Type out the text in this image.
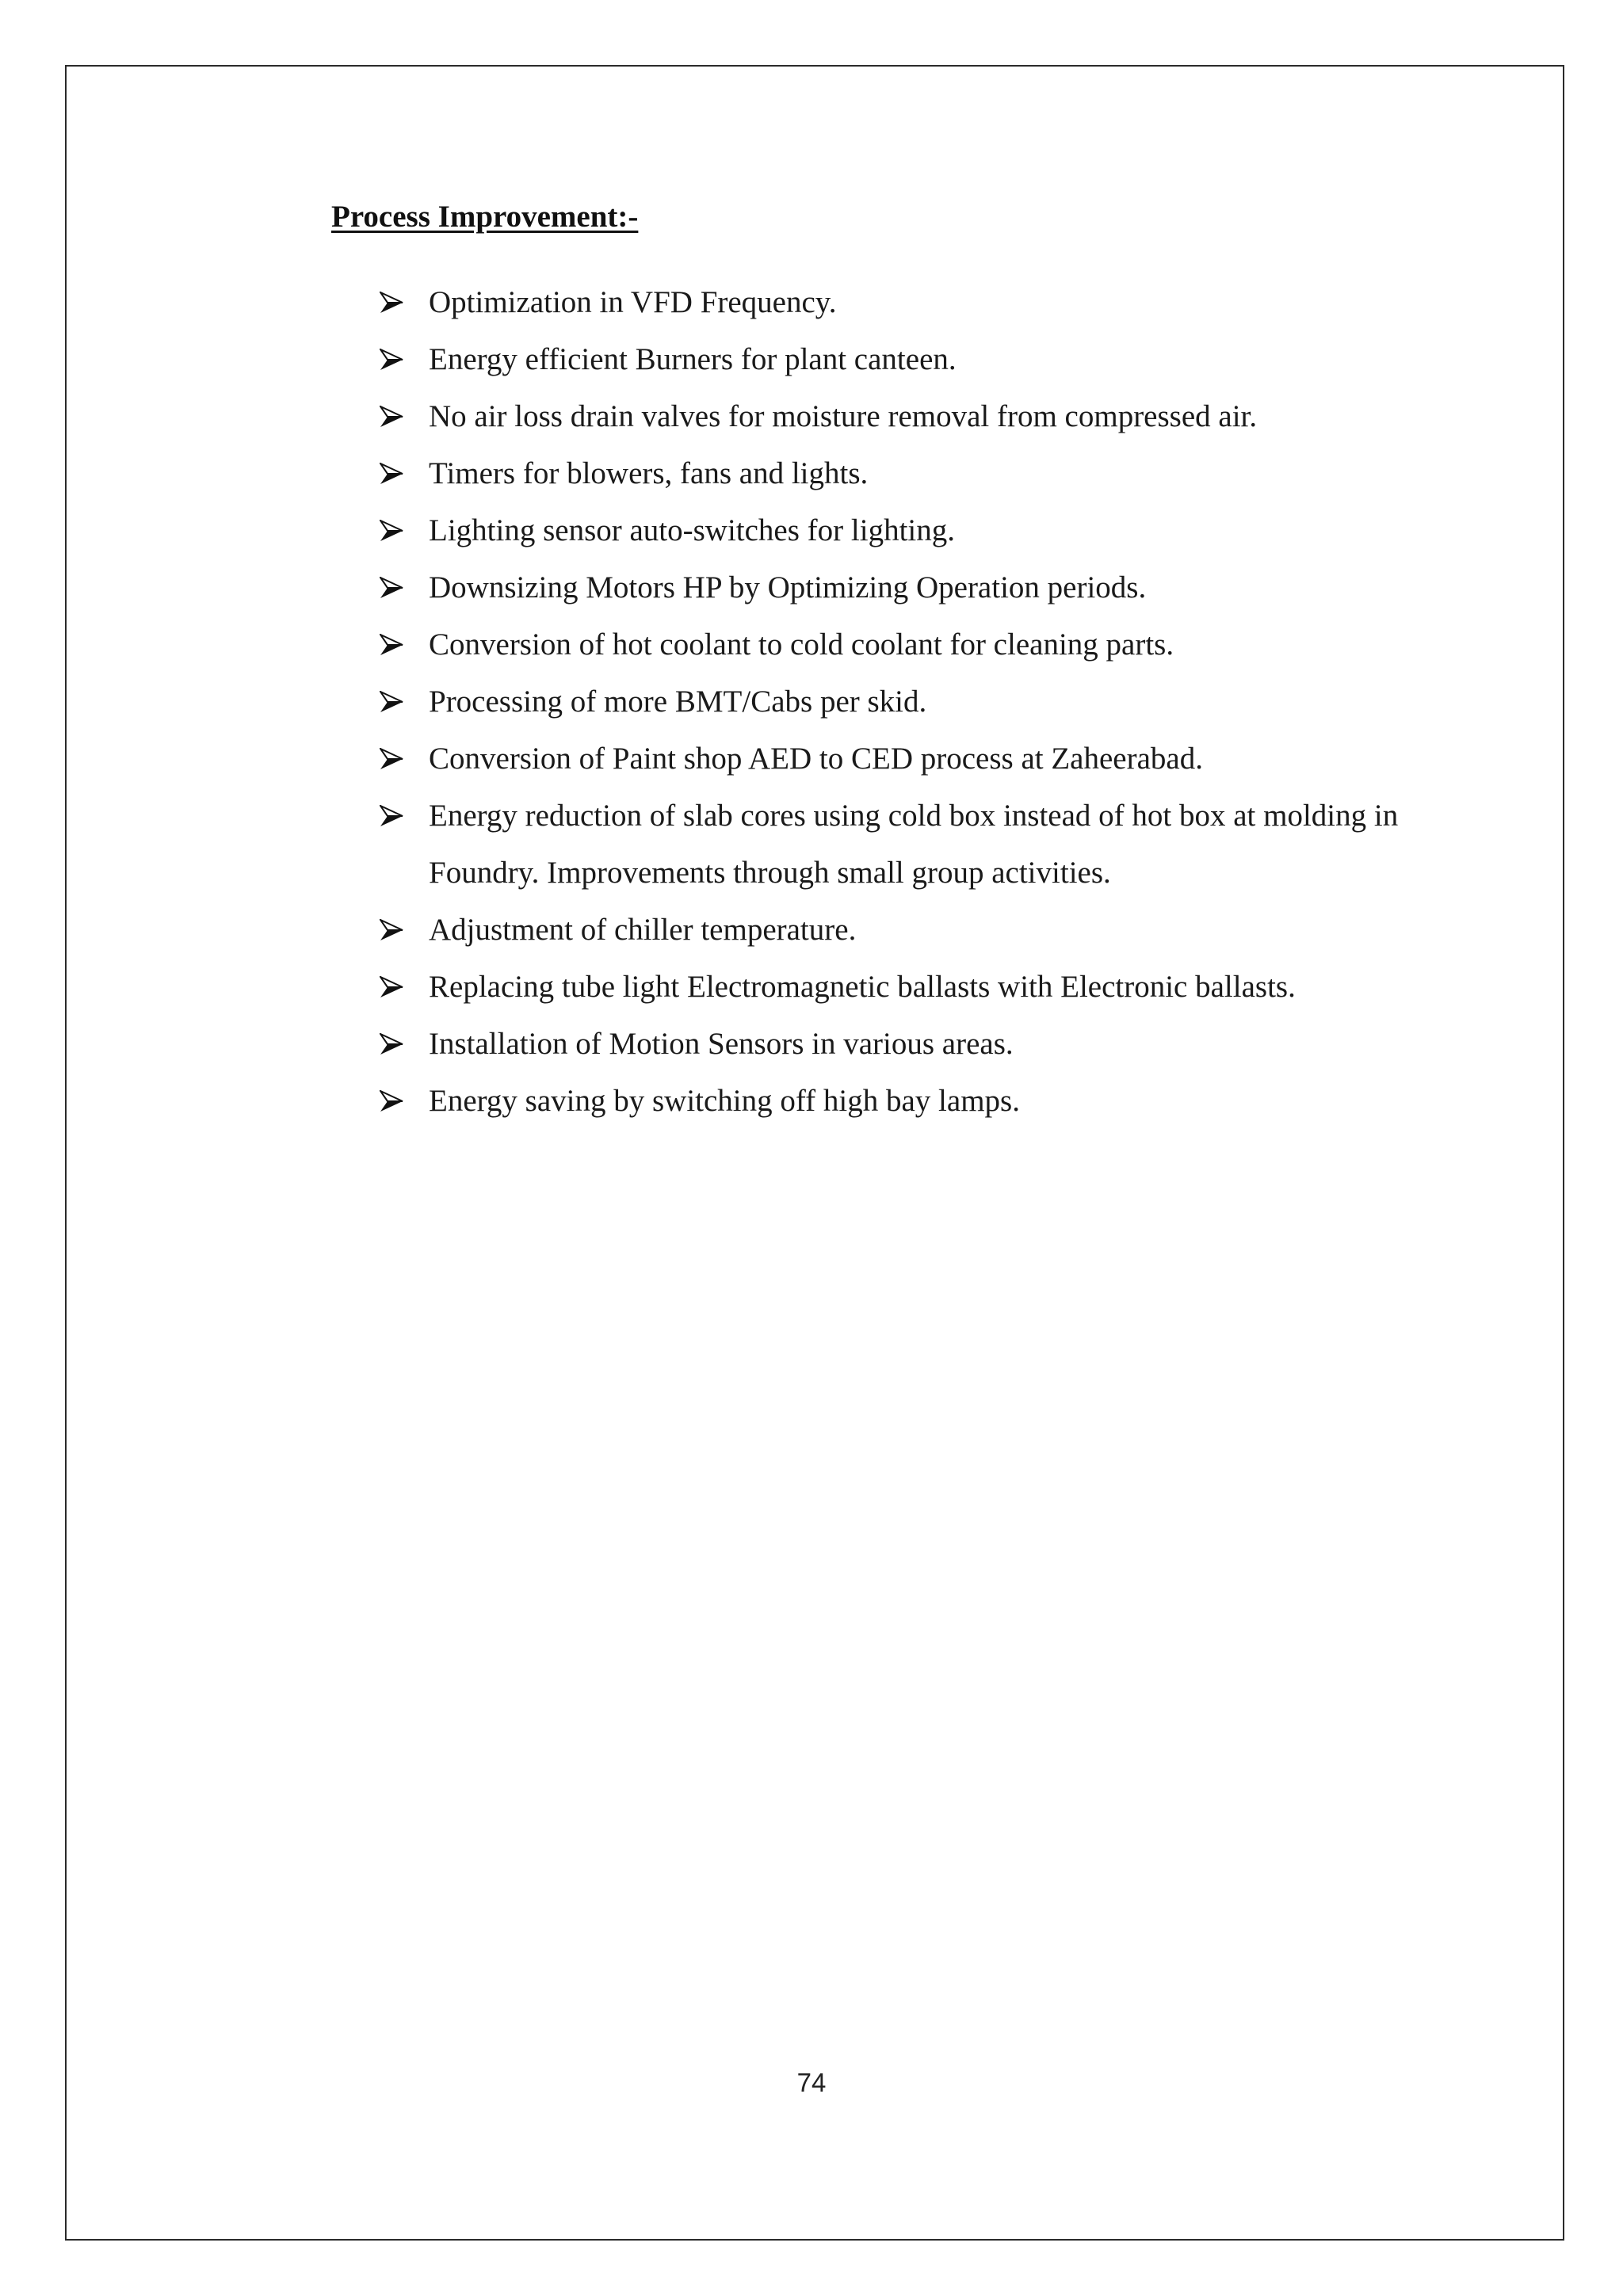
Process Improvement:-
Optimization in VFD Frequency.
Energy efficient Burners for plant canteen.
No air loss drain valves for moisture removal from compressed air.
Timers for blowers, fans and lights.
Lighting sensor auto-switches for lighting.
Downsizing Motors HP by Optimizing Operation periods.
Conversion of hot coolant to cold coolant for cleaning parts.
Processing of more BMT/Cabs per skid.
Conversion of Paint shop AED to CED process at Zaheerabad.
Energy reduction of slab cores using cold box instead of hot box at molding in Foundry. Improvements through small group activities.
Adjustment of chiller temperature.
Replacing tube light Electromagnetic ballasts with Electronic ballasts.
Installation of Motion Sensors in various areas.
Energy saving by switching off high bay lamps.
74
